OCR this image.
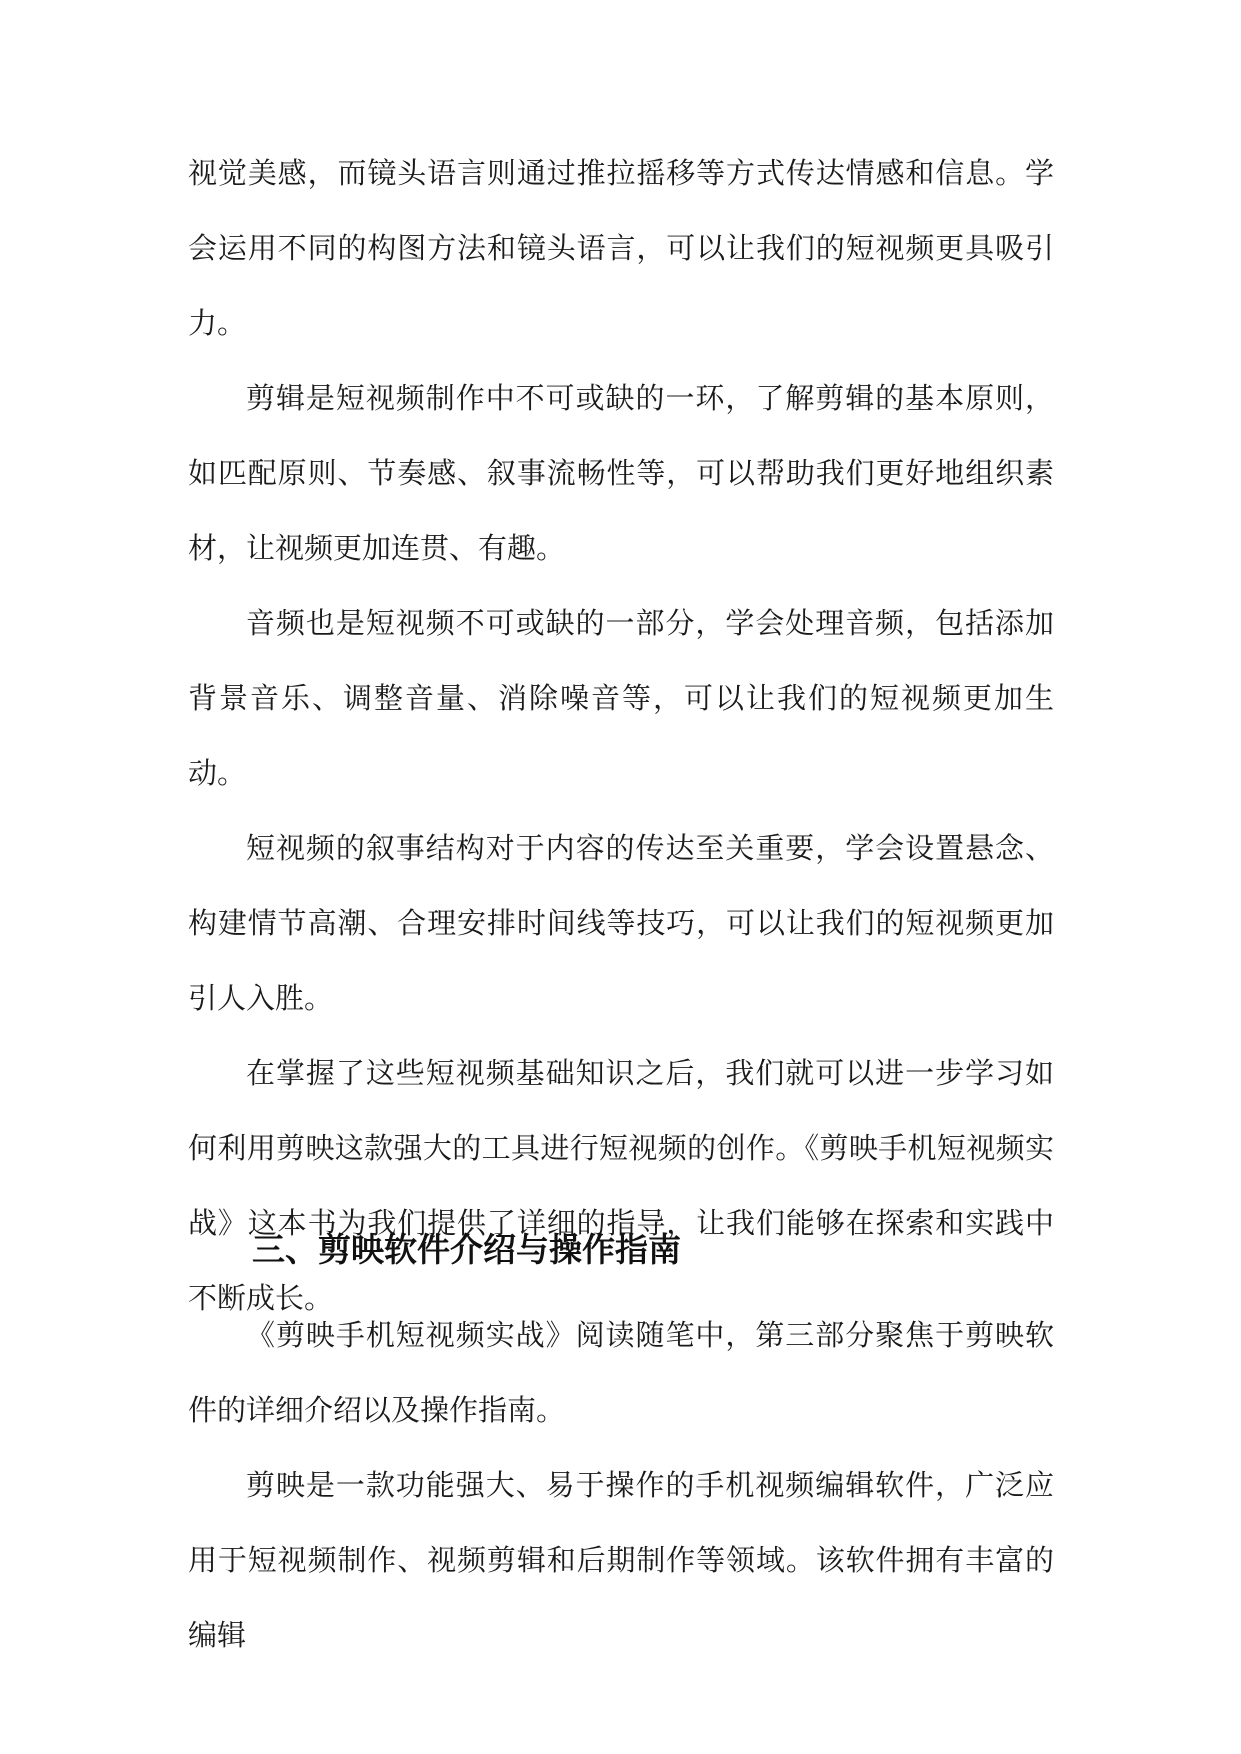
视觉美感，而镜头语言则通过推拉摇移等方式传达情感和信息。学会运用不同的构图方法和镜头语言，可以让我们的短视频更具吸引力。

剪辑是短视频制作中不可或缺的一环，了解剪辑的基本原则，如匹配原则、节奏感、叙事流畅性等，可以帮助我们更好地组织素材，让视频更加连贯、有趣。

音频也是短视频不可或缺的一部分，学会处理音频，包括添加背景音乐、调整音量、消除噪音等，可以让我们的短视频更加生动。

短视频的叙事结构对于内容的传达至关重要，学会设置悬念、构建情节高潮、合理安排时间线等技巧，可以让我们的短视频更加引人入胜。

在掌握了这些短视频基础知识之后，我们就可以进一步学习如何利用剪映这款强大的工具进行短视频的创作。《剪映手机短视频实战》这本书为我们提供了详细的指导，让我们能够在探索和实践中不断成长。

三、剪映软件介绍与操作指南

《剪映手机短视频实战》阅读随笔中，第三部分聚焦于剪映软件的详细介绍以及操作指南。

剪映是一款功能强大、易于操作的手机视频编辑软件，广泛应用于短视频制作、视频剪辑和后期制作等领域。该软件拥有丰富的编辑
